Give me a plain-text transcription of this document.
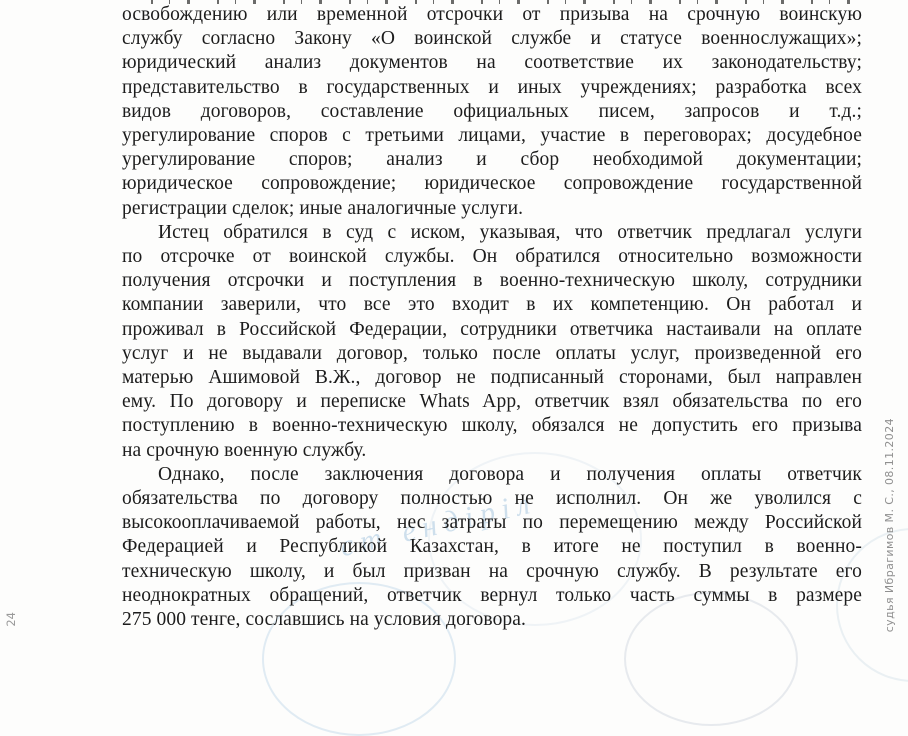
ст ендіріл
освобождению или временной отсрочки от призыва на срочную воинскую
службу согласно Закону «О воинской службе и статусе военнослужащих»;
юридический анализ документов на соответствие их законодательству;
представительство в государственных и иных учреждениях; разработка всех
видов договоров, составление официальных писем, запросов и т.д.;
урегулирование споров с третьими лицами, участие в переговорах; досудебное
урегулирование споров; анализ и сбор необходимой документации;
юридическое сопровождение; юридическое сопровождение государственной
регистрации сделок; иные аналогичные услуги.
Истец обратился в суд с иском, указывая, что ответчик предлагал услуги
по отсрочке от воинской службы. Он обратился относительно возможности
получения отсрочки и поступления в военно-техническую школу, сотрудники
компании заверили, что все это входит в их компетенцию. Он работал и
проживал в Российской Федерации, сотрудники ответчика настаивали на оплате
услуг и не выдавали договор, только после оплаты услуг, произведенной его
матерью Ашимовой В.Ж., договор не подписанный сторонами, был направлен
ему. По договору и переписке Whats App, ответчик взял обязательства по его
поступлению в военно-техническую школу, обязался не допустить его призыва
на срочную военную службу.
Однако, после заключения договора и получения оплаты ответчик
обязательства по договору полностью не исполнил. Он же уволился с
высокооплачиваемой работы, нес затраты по перемещению между Российской
Федерацией и Республикой Казахстан, в итоге не поступил в военно-
техническую школу, и был призван на срочную службу. В результате его
неоднократных обращений, ответчик вернул только часть суммы в размере
275 000 тенге, сославшись на условия договора.
24	судья Ибрагимов М. С., 08.11.2024
